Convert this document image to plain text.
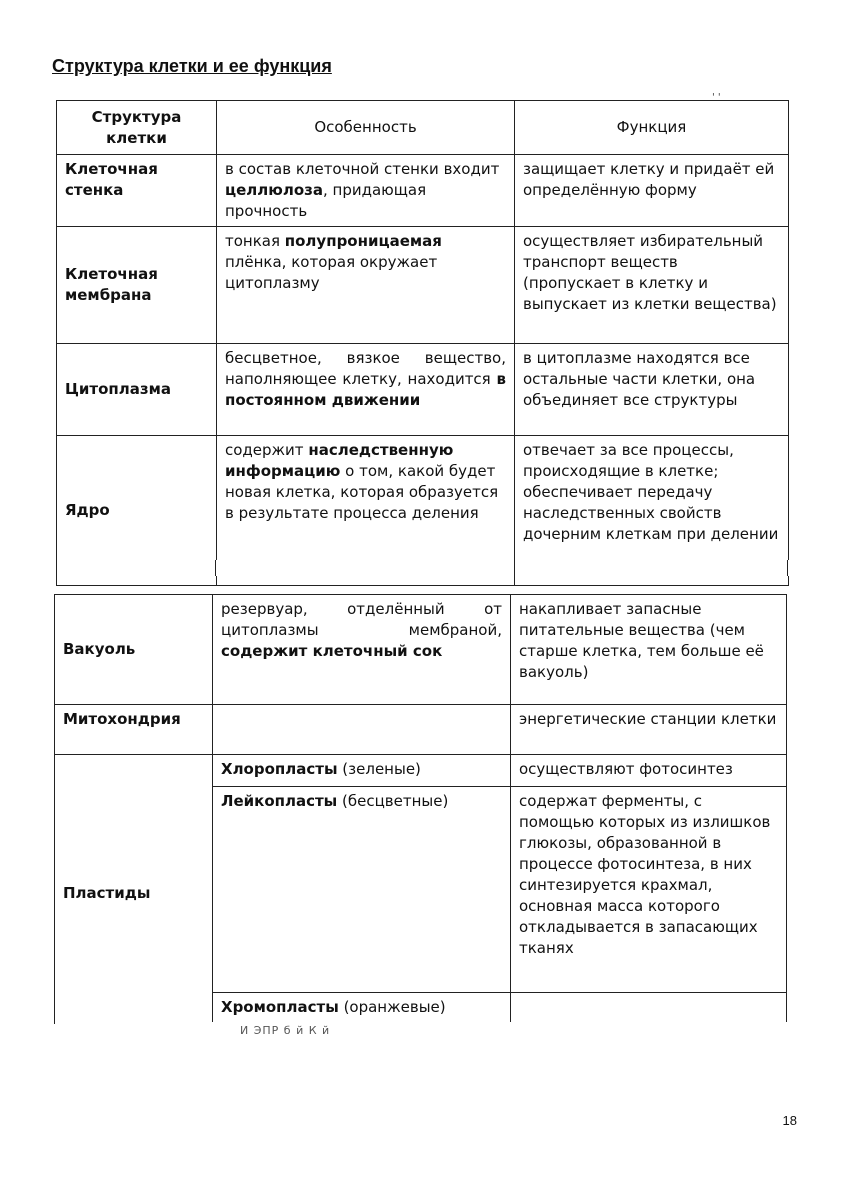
Структура клетки и ее функция
' '
Структура клетки	Особенность	Функция
Клеточная стенка	в состав клеточной стенки входит целлюлоза, придающая прочность	защищает клетку и придаёт ей определённую форму
Клеточная мембрана	тонкая полупроницаемая плёнка, которая окружает цитоплазму	осуществляет избирательный транспорт веществ (пропускает в клетку и выпускает из клетки вещества)
Цитоплазма	бесцветное, вязкое вещество, наполняющее клетку, находится в постоянном движении	в цитоплазме находятся все остальные части клетки, она объединяет все структуры
Ядро	содержит наследственную информацию о том, какой будет новая клетка, которая образуется в результате процесса деления	отвечает за все процессы, происходящие в клетке; обеспечивает передачу наследственных свойств дочерним клеткам при делении
Вакуоль	резервуар, отделённый от цитоплазмы мембраной, содержит клеточный сок	накапливает запасные питательные вещества (чем старше клетка, тем больше её вакуоль)
Митохондрия		энергетические станции клетки
Пластиды	Хлоропласты (зеленые)	осуществляют фотосинтез
	Лейкопласты (бесцветные)	содержат ферменты, с помощью которых из излишков глюкозы, образованной в процессе фотосинтеза, в них синтезируется крахмал, основная масса которого откладывается в запасающих тканях
	Хромопласты (оранжевые)	
И ЭПР б й К й
18
